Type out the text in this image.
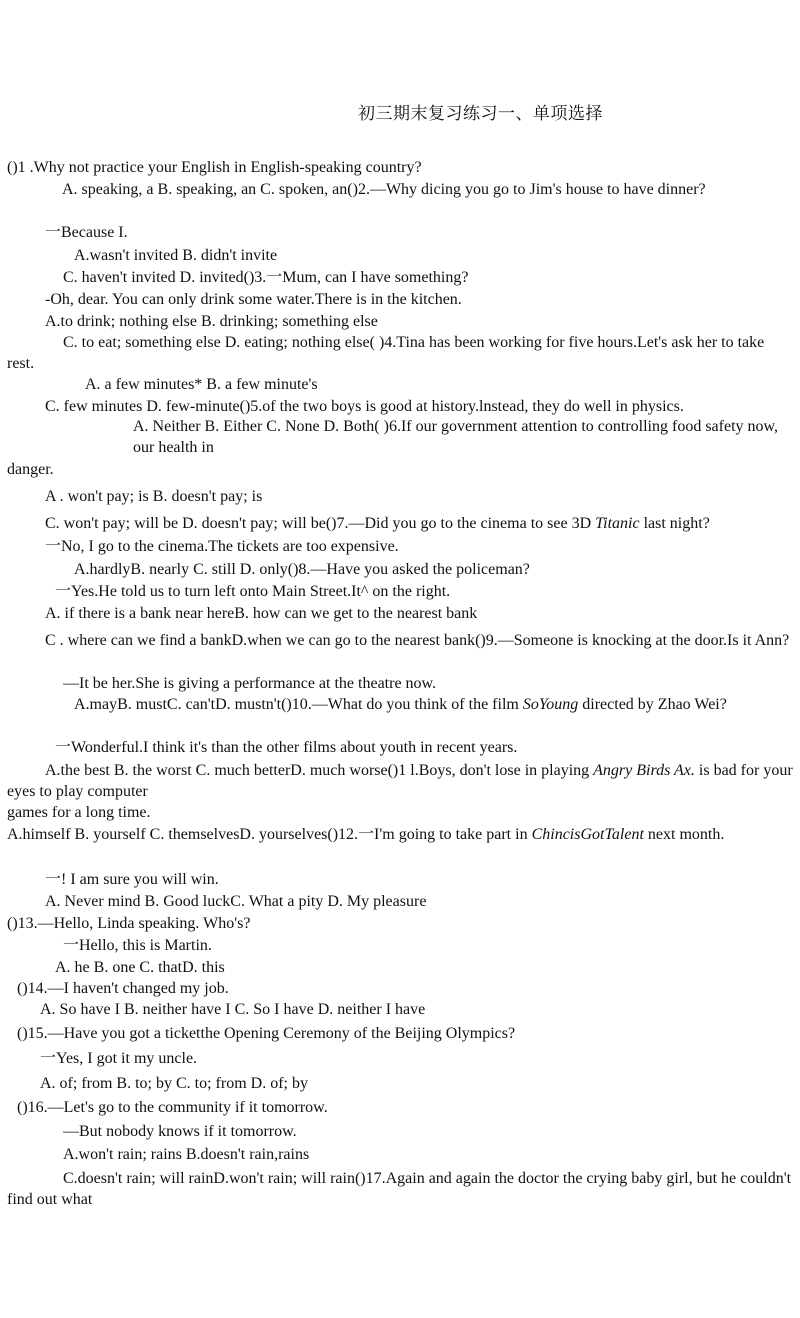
初三期末复习练习一、单项选择
()1 .Why not practice your English in English-speaking country?
A. speaking, a B. speaking, an C. spoken, an()2.—Why dicing you go to Jim's house to have dinner?
一Because I.
A.wasn't invited B. didn't invite
C. haven't invited D. invited()3.一Mum, can I have something?
-Oh, dear. You can only drink some water.There is in the kitchen.
A.to drink; nothing else B. drinking; something else
C. to eat; something else D. eating; nothing else( )4.Tina has been working for five hours.Let's ask her to take rest.
A. a few minutes* B. a few minute's
C. few minutes D. few-minute()5.of the two boys is good at history.lnstead, they do well in physics.
A. Neither B. Either C. None D. Both( )6.If our government attention to controlling food safety now, our health in
danger.
A . won't pay; is B. doesn't pay; is
C. won't pay; will be D. doesn't pay; will be()7.—Did you go to the cinema to see 3D Titanic last night?
一No, I go to the cinema.The tickets are too expensive.
A.hardlyB. nearly C. still D. only()8.—Have you asked the policeman?
一Yes.He told us to turn left onto Main Street.It^ on the right.
A. if there is a bank near hereB. how can we get to the nearest bank
C . where can we find a bankD.when we can go to the nearest bank()9.—Someone is knocking at the door.Is it Ann?
—It be her.She is giving a performance at the theatre now.
A.mayB. mustC. can'tD. mustn't()10.—What do you think of the film SoYoung directed by Zhao Wei?
一Wonderful.I think it's than the other films about youth in recent years.
A.the best B. the worst C. much betterD. much worse()1 l.Boys, don't lose in playing Angry Birds Ax. is bad for your eyes to play computer
games for a long time.
A.himself B. yourself C. themselvesD. yourselves()12.一I'm going to take part in ChincisGotTalent next month.
一! I am sure you will win.
A. Never mind B. Good luckC. What a pity D. My pleasure
()13.—Hello, Linda speaking. Who's?
一Hello, this is Martin.
A. he B. one C. thatD. this
()14.—I haven't changed my job.
A. So have I B. neither have I C. So I have D. neither I have
()15.—Have you got a ticketthe Opening Ceremony of the Beijing Olympics?
一Yes, I got it my uncle.
A. of; from B. to; by C. to; from D. of; by
()16.—Let's go to the community if it tomorrow.
—But nobody knows if it tomorrow.
A.won't rain; rains B.doesn't rain,rains
C.doesn't rain; will rainD.won't rain; will rain()17.Again and again the doctor the crying baby girl, but he couldn't find out what
